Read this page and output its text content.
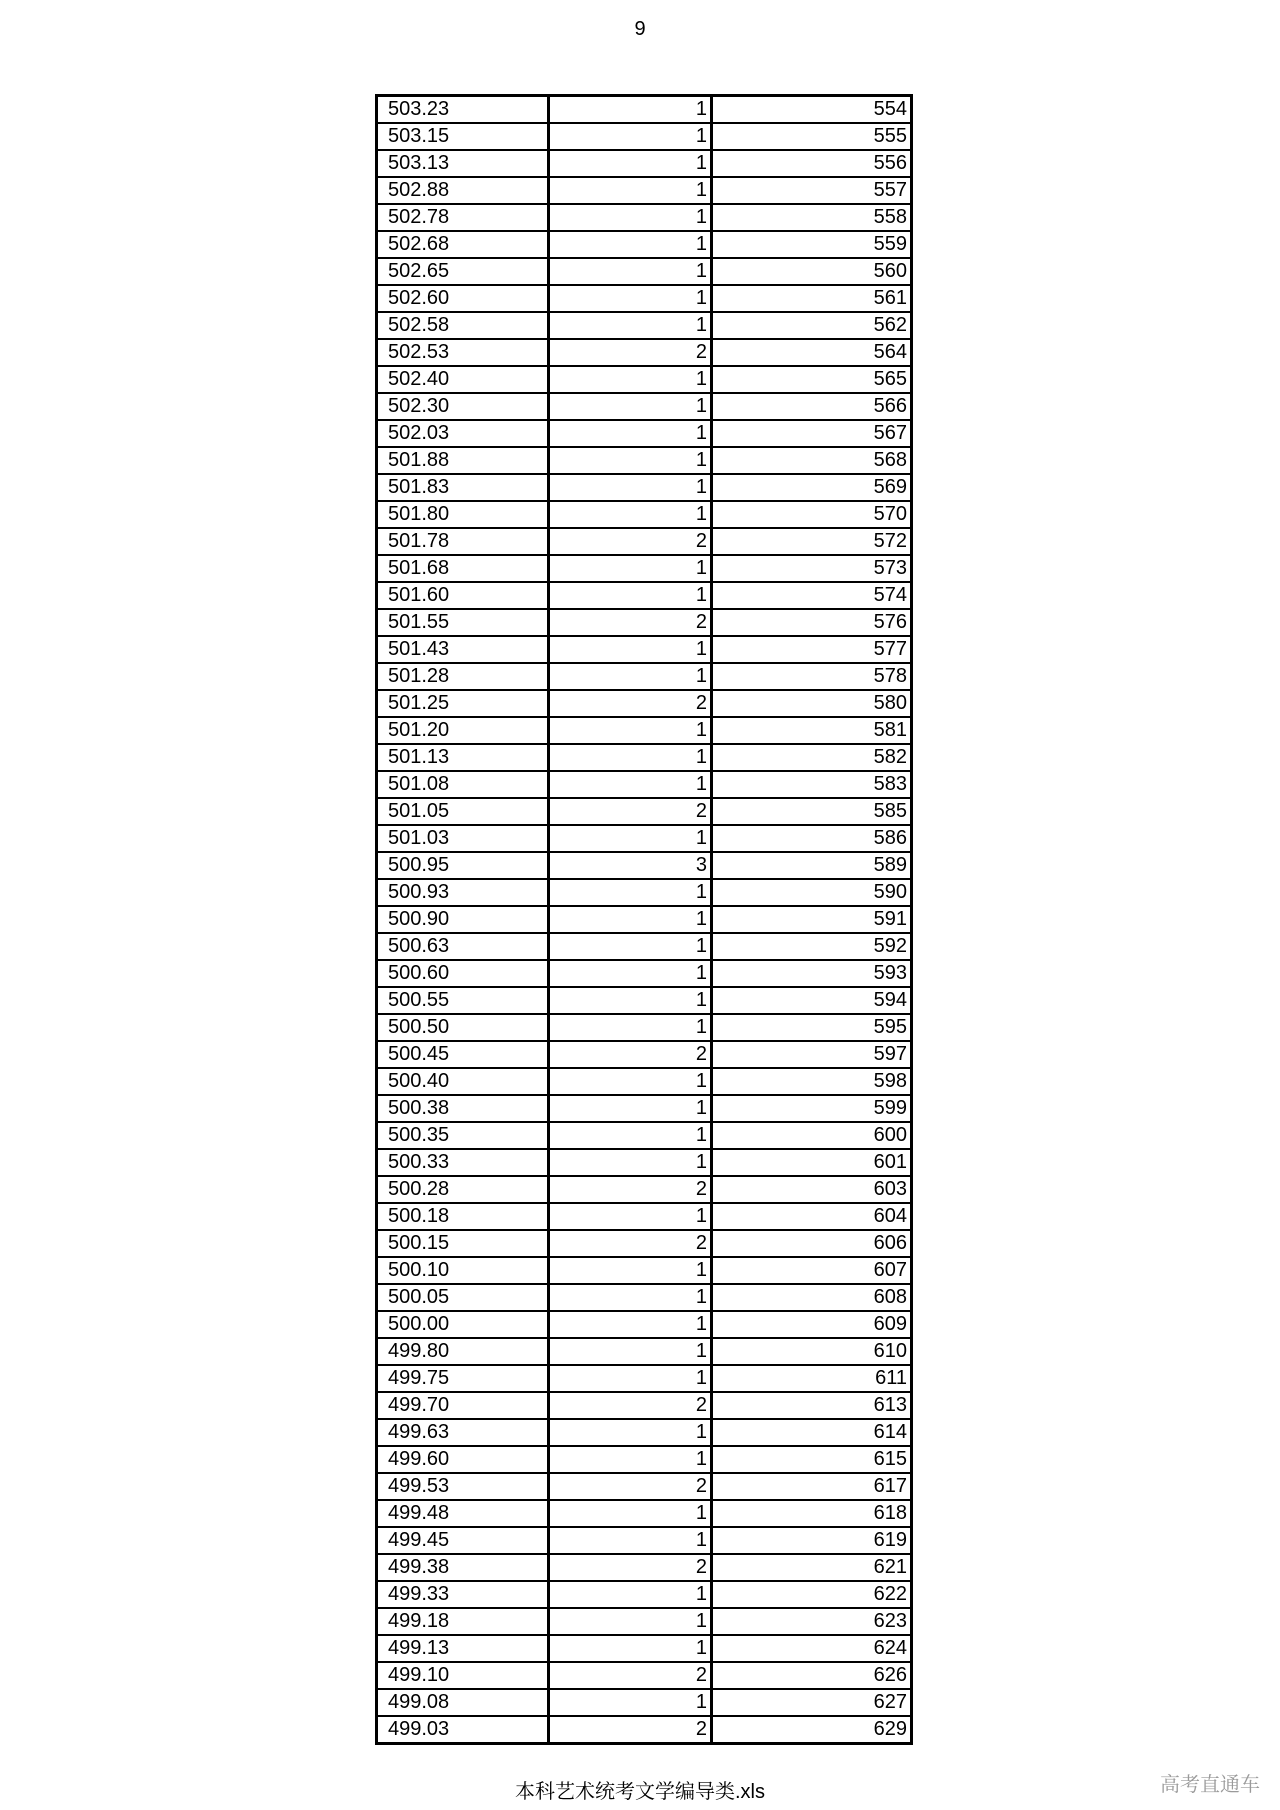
9
503.23	1	554
503.15	1	555
503.13	1	556
502.88	1	557
502.78	1	558
502.68	1	559
502.65	1	560
502.60	1	561
502.58	1	562
502.53	2	564
502.40	1	565
502.30	1	566
502.03	1	567
501.88	1	568
501.83	1	569
501.80	1	570
501.78	2	572
501.68	1	573
501.60	1	574
501.55	2	576
501.43	1	577
501.28	1	578
501.25	2	580
501.20	1	581
501.13	1	582
501.08	1	583
501.05	2	585
501.03	1	586
500.95	3	589
500.93	1	590
500.90	1	591
500.63	1	592
500.60	1	593
500.55	1	594
500.50	1	595
500.45	2	597
500.40	1	598
500.38	1	599
500.35	1	600
500.33	1	601
500.28	2	603
500.18	1	604
500.15	2	606
500.10	1	607
500.05	1	608
500.00	1	609
499.80	1	610
499.75	1	611
499.70	2	613
499.63	1	614
499.60	1	615
499.53	2	617
499.48	1	618
499.45	1	619
499.38	2	621
499.33	1	622
499.18	1	623
499.13	1	624
499.10	2	626
499.08	1	627
499.03	2	629
本科艺术统考文学编导类.xls	高考直通车
